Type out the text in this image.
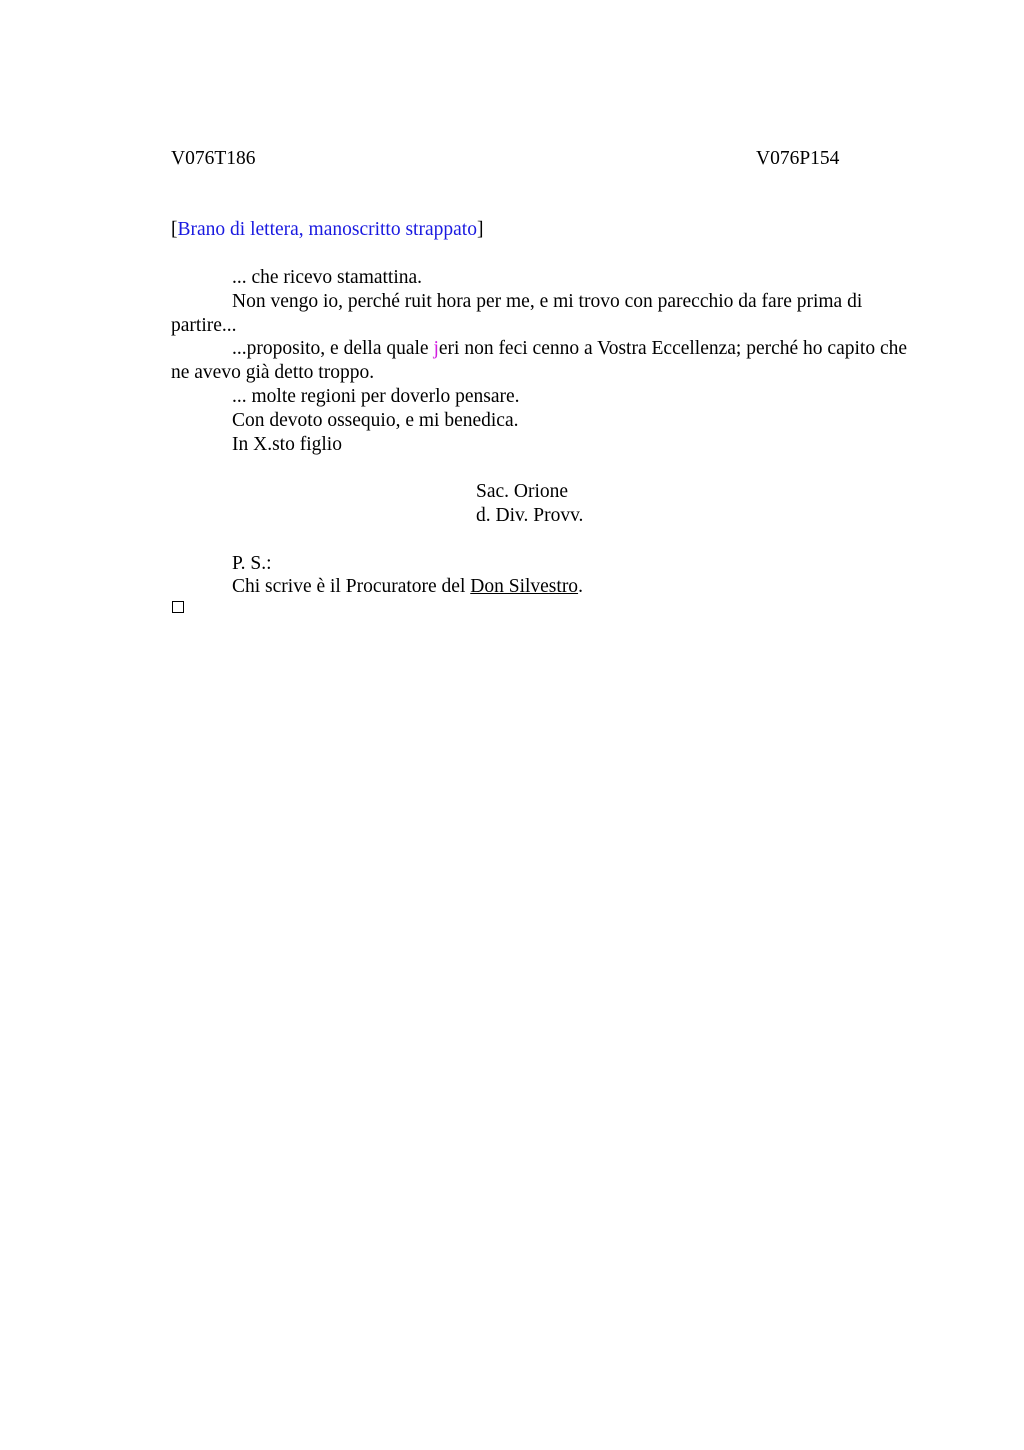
V076T186	V076P154
[Brano di lettera, manoscritto strappato]

... che ricevo stamattina.

Non vengo io, perché ruit hora per me, e mi trovo con parecchio da fare prima di partire...

...proposito, e della quale jeri non feci cenno a Vostra Eccellenza; perché ho capito che ne avevo già detto troppo.

... molte regioni per doverlo pensare.

Con devoto ossequio, e mi benedica.

In X.sto figlio

Sac. Orione
d. Div. Provv.

P. S.:

Chi scrive è il Procuratore del Don Silvestro.
